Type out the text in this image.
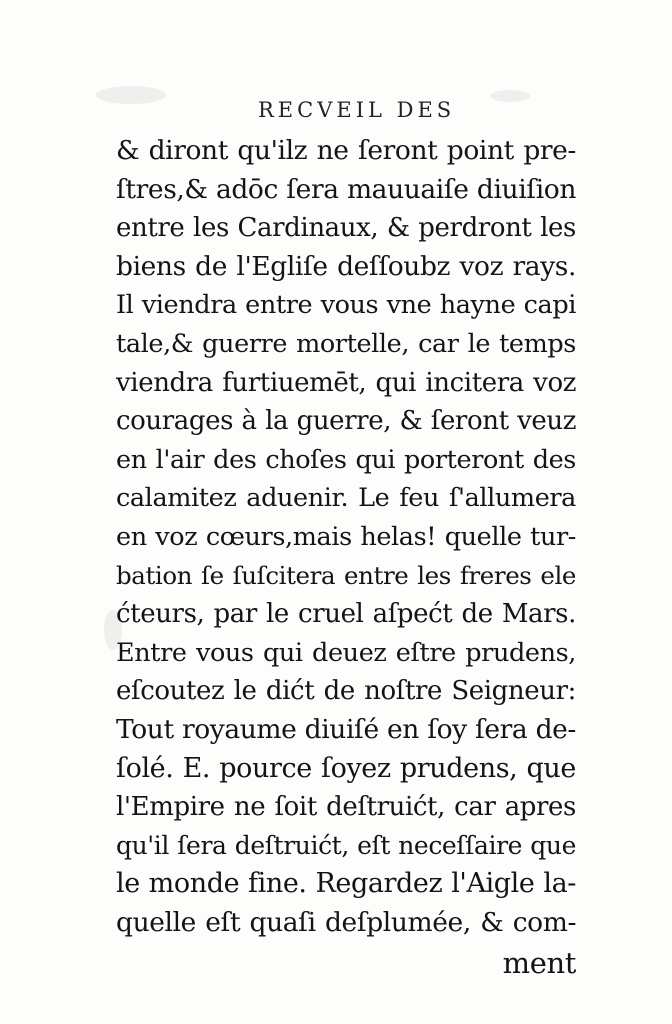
RECVEIL DES
& diront qu'ilz ne ſeront point pre-
ſtres,& adōc ſera mauuaiſe diuiſion
entre les Cardinaux, & perdront les
biens de l'Egliſe deſſoubz voz rays.
Il viendra entre vous vne hayne capi
tale,& guerre mortelle, car le temps
viendra furtiuemēt, qui incitera voz
courages à la guerre, & ſeront veuz
en l'air des choſes qui porteront des
calamitez aduenir. Le feu ſ'allumera
en voz cœurs,mais helas! quelle tur-
bation ſe ſuſcitera entre les freres ele
ćteurs, par le cruel aſpećt de Mars.
Entre vous qui deuez eſtre prudens,
eſcoutez le dićt de noſtre Seigneur:
Tout royaume diuiſé en ſoy ſera de-
ſolé. E. pource ſoyez prudens, que
l'Empire ne ſoit deſtruićt, car apres
qu'il ſera deſtruićt, eſt neceſſaire que
le monde fine. Regardez l'Aigle la-
quelle eſt quaſi deſplumée, & com-
ment
